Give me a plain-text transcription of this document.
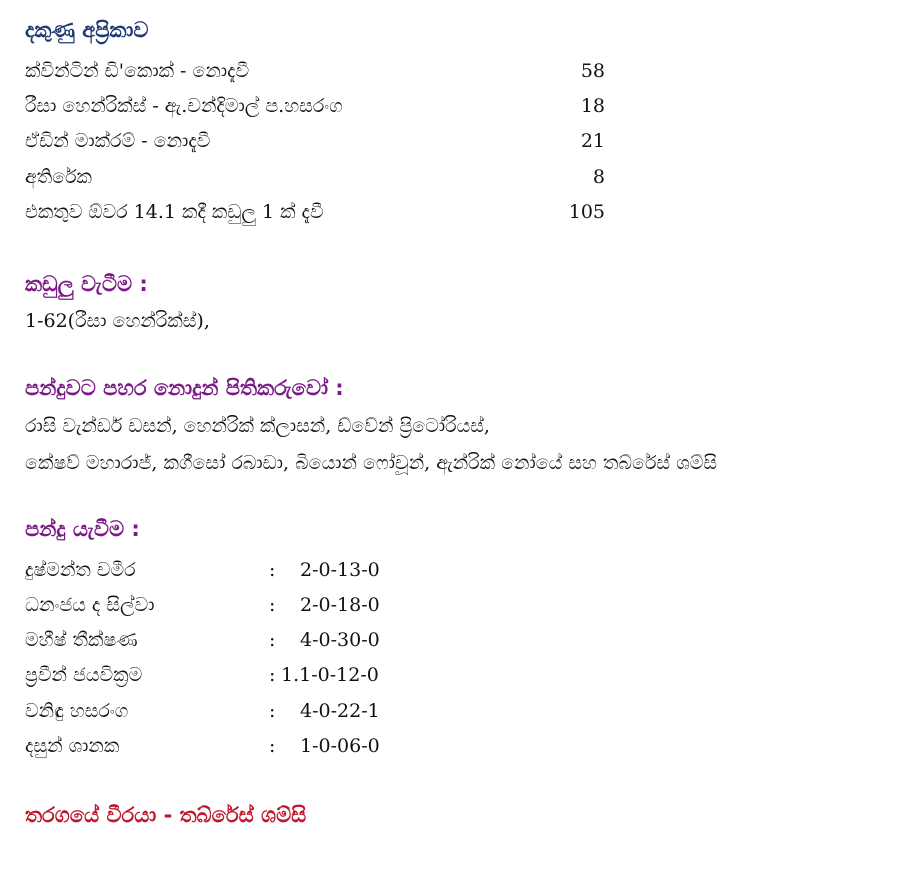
දකුණු අප්‍රිකාව
ක්වින්ටින් ඩි'කොක් - නොදැවී	58
රීසා හෙන්රික්ස් - ඇ.චන්දිමාල් ප.හසරංග	18
ඒඩින් මාක්රම් - නොදැවී	21
අතිරේක	8
එකතුව ඕවර 14.1 කදී කඩුලු 1 ක් දැවී	105
කඩුලු වැටීම :
1-62(රීසා හෙන්රික්ස්),
පන්දුවට පහර නොදුන් පිතිකරුවෝ :
රාසි වැන්ඩර් ඩසන්, හෙන්රික් ක්ලාසන්, ඩ්වේන් ප්‍රිටෝරියස්,
කේෂව් මහාරාජ්, කගීසෝ රබාඩා, බියොන් ෆෝචූන්, ඇන්රික් නෝයේ සහ තබ්රේස් ශම්සි
පන්දු යැවීම :
දුෂ්මන්ත චමීර	: 2-0-13-0
ධනංජය ද සිල්වා	: 2-0-18-0
මහීෂ් තීක්ෂණ	: 4-0-30-0
ප්‍රවීන් ජයවික්‍රම	: 1.1-0-12-0
වනිඳු හසරංග	: 4-0-22-1
දසුන් ශානක	: 1-0-06-0
තරගයේ වීරයා - තබ්රේස් ශම්සි
